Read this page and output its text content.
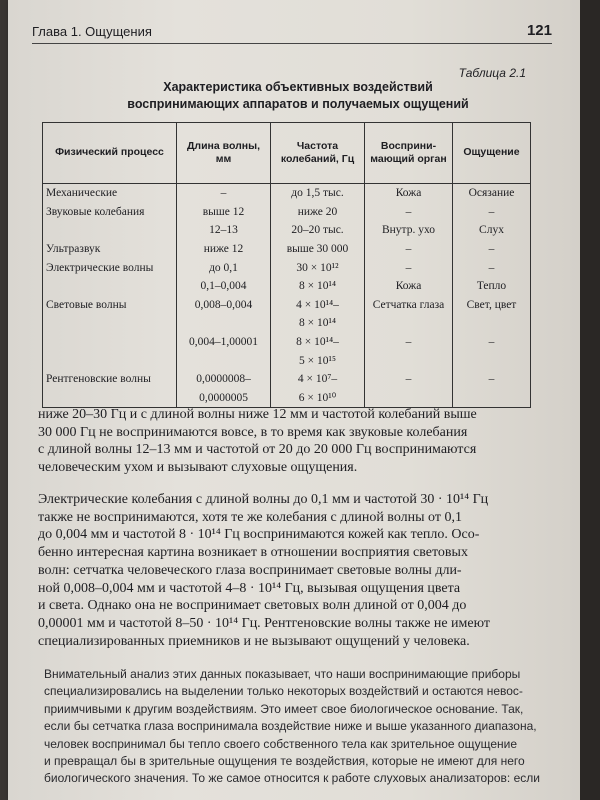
Глава 1. Ощущения	121
Таблица 2.1
Характеристика объективных воздействий
воспринимающих аппаратов и получаемых ощущений
Физический процесс	Длина волны, мм	Частота колебаний, Гц	Восприни-мающий орган	Ощущение
Механические	–	до 1,5 тыс.	Кожа	Осязание
Звуковые колебания	выше 12	ниже 20	–	–
	12–13	20–20 тыс.	Внутр. ухо	Слух
Ультразвук	ниже 12	выше 30 000	–	–
Электрические волны	до 0,1	30 × 10¹²	–	–
	0,1–0,004	8 × 10¹⁴	Кожа	Тепло
Световые волны	0,008–0,004	4 × 10¹⁴–	Сетчатка глаза	Свет, цвет
		8 × 10¹⁴		
	0,004–1,00001	8 × 10¹⁴–	–	–
		5 × 10¹⁵		
Рентгеновские волны	0,0000008–	4 × 10⁷–	–	–
	0,0000005	6 × 10¹⁰		

ниже 20–30 Гц и с длиной волны ниже 12 мм и частотой колебаний выше
30 000 Гц не воспринимаются вовсе, в то время как звуковые колебания
с длиной волны 12–13 мм и частотой от 20 до 20 000 Гц воспринимаются
человеческим ухом и вызывают слуховые ощущения.

Электрические колебания с длиной волны до 0,1 мм и частотой 30 · 10¹⁴ Гц
также не воспринимаются, хотя те же колебания с длиной волны от 0,1
до 0,004 мм и частотой 8 · 10¹⁴ Гц воспринимаются кожей как тепло. Осо-
бенно интересная картина возникает в отношении восприятия световых
волн: сетчатка человеческого глаза воспринимает световые волны дли-
ной 0,008–0,004 мм и частотой 4–8 · 10¹⁴ Гц, вызывая ощущения цвета
и света. Однако она не воспринимает световых волн длиной от 0,004 до
0,00001 мм и частотой 8–50 · 10¹⁴ Гц. Рентгеновские волны также не имеют
специализированных приемников и не вызывают ощущений у человека.

Внимательный анализ этих данных показывает, что наши воспринимающие приборы
специализировались на выделении только некоторых воздействий и остаются невос-
приимчивыми к другим воздействиям. Это имеет свое биологическое основание. Так,
если бы сетчатка глаза воспринимала воздействие ниже и выше указанного диапазона,
человек воспринимал бы тепло своего собственного тела как зрительное ощущение
и превращал бы в зрительные ощущения те воздействия, которые не имеют для него
биологического значения. То же самое относится к работе слуховых анализаторов: если
